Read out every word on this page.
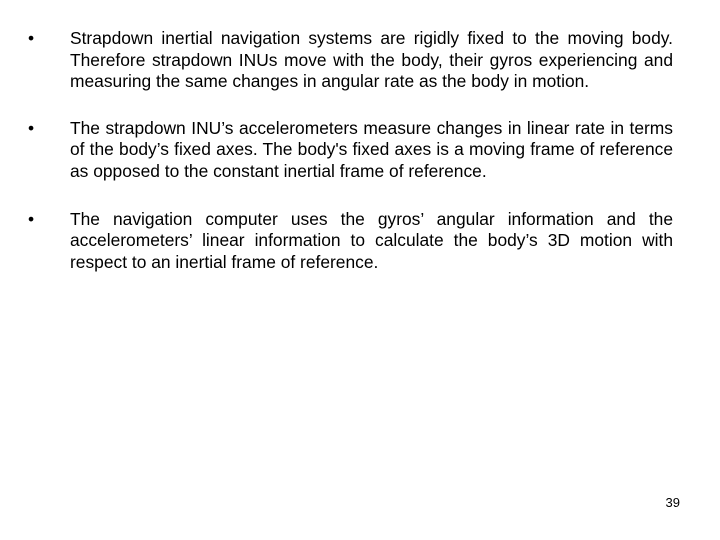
•	Strapdown inertial navigation systems are rigidly fixed to the moving body. Therefore strapdown INUs move with the body, their gyros experiencing and measuring the same changes in angular rate as the body in motion.
•	The strapdown INU’s accelerometers measure changes in linear rate in terms of the body’s fixed axes. The body's fixed axes is a moving frame of reference as opposed to the constant inertial frame of reference.
•	The navigation computer uses the gyros’ angular information and the accelerometers’ linear information to calculate the body’s 3D motion with respect to an inertial frame of reference.
39
